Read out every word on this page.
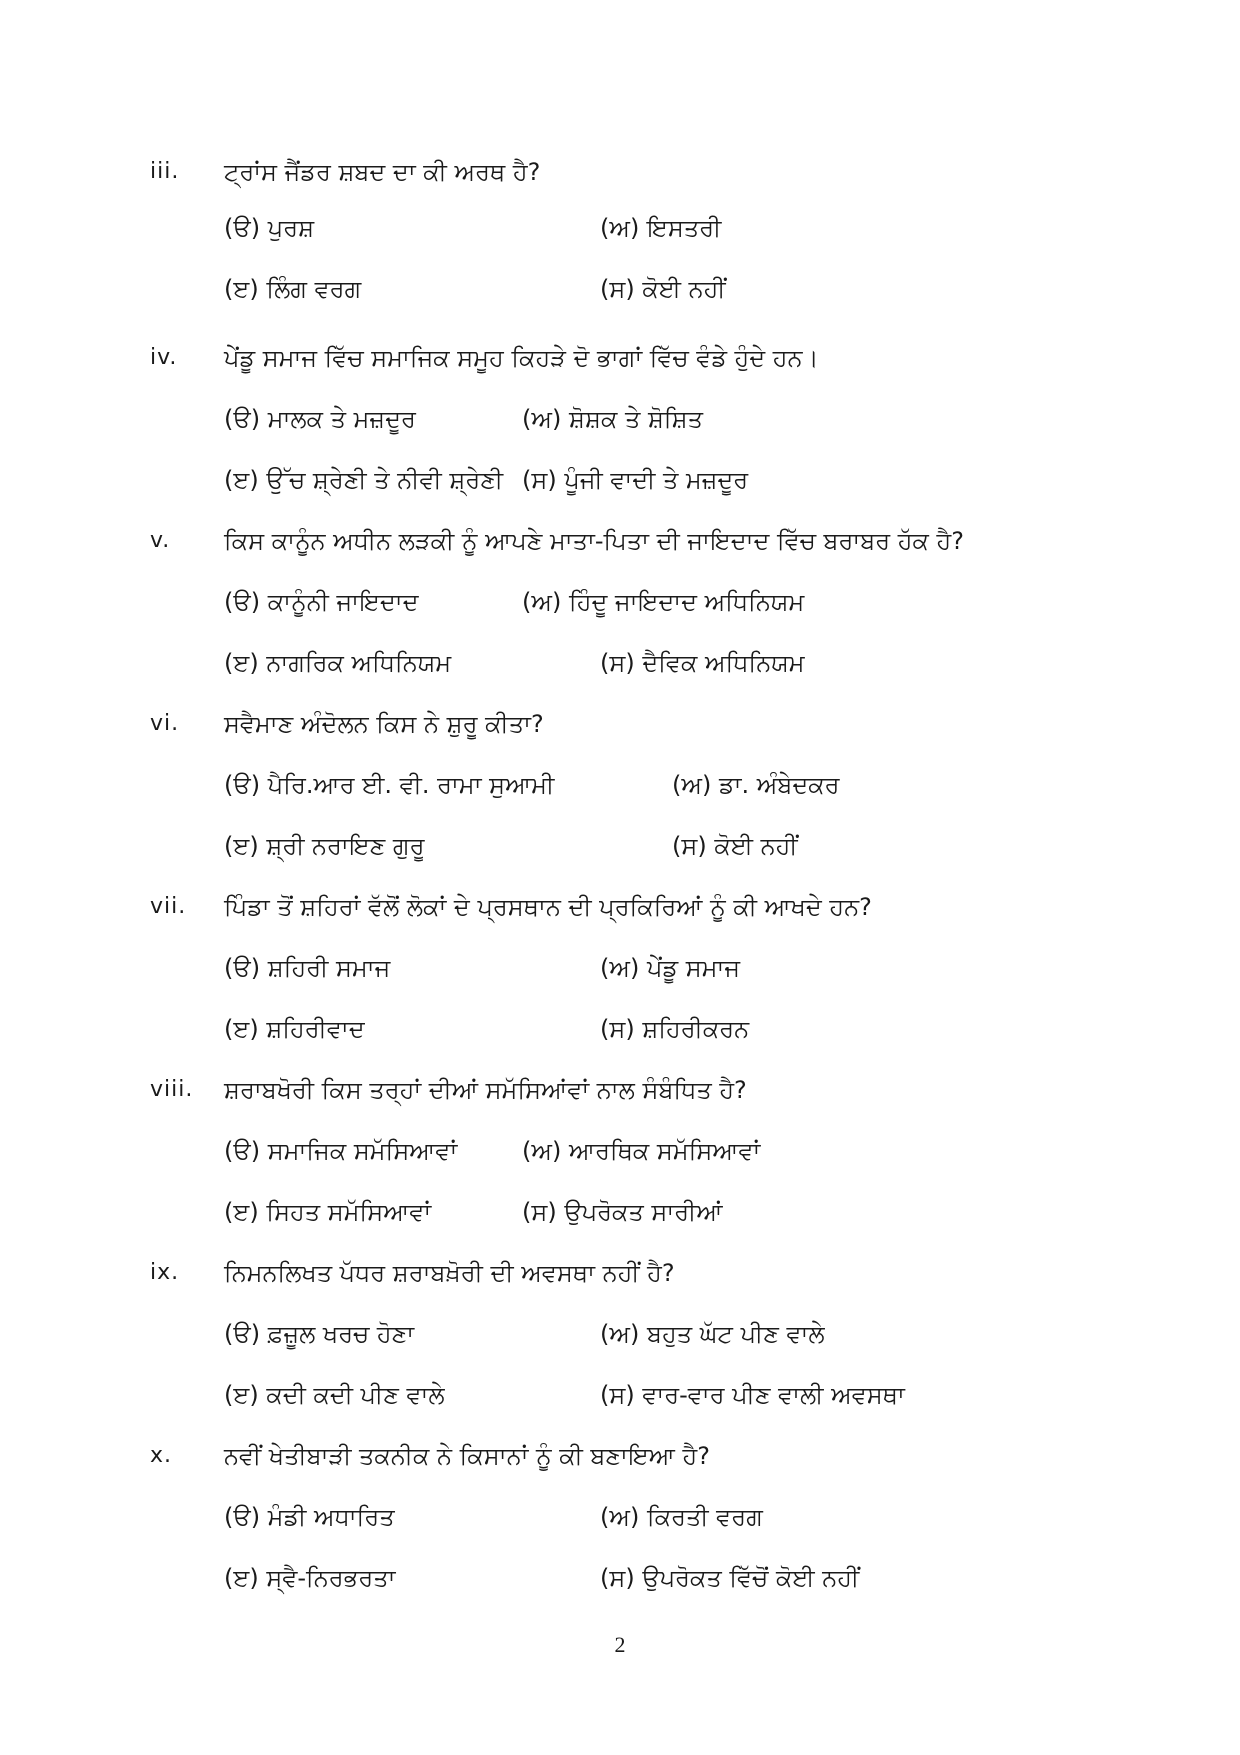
iii. ਟ੍ਰਾਂਸ ਜੈਂਡਰ ਸ਼ਬਦ ਦਾ ਕੀ ਅਰਥ ਹੈ?
(ੳ) ਪੁਰਸ਼	(ਅ) ਇਸਤਰੀ
(ੲ) ਲਿੰਗ ਵਰਗ	(ਸ) ਕੋਈ ਨਹੀਂ
iv. ਪੇਂਡੂ ਸਮਾਜ ਵਿੱਚ ਸਮਾਜਿਕ ਸਮੂਹ ਕਿਹੜੇ ਦੋ ਭਾਗਾਂ ਵਿੱਚ ਵੰਡੇ ਹੁੰਦੇ ਹਨ।
(ੳ) ਮਾਲਕ ਤੇ ਮਜ਼ਦੂਰ	(ਅ) ਸ਼ੋਸ਼ਕ ਤੇ ਸ਼ੋਸ਼ਿਤ
(ੲ) ਉੱਚ ਸ਼੍ਰੇਣੀ ਤੇ ਨੀਵੀ ਸ਼੍ਰੇਣੀ (ਸ) ਪੂੰਜੀ ਵਾਦੀ ਤੇ ਮਜ਼ਦੂਰ
v. ਕਿਸ ਕਾਨੂੰਨ ਅਧੀਨ ਲੜਕੀ ਨੂੰ ਆਪਣੇ ਮਾਤਾ-ਪਿਤਾ ਦੀ ਜਾਇਦਾਦ ਵਿੱਚ ਬਰਾਬਰ ਹੱਕ ਹੈ?
(ੳ) ਕਾਨੂੰਨੀ ਜਾਇਦਾਦ	(ਅ) ਹਿੰਦੂ ਜਾਇਦਾਦ ਅਧਿਨਿਯਮ
(ੲ) ਨਾਗਰਿਕ ਅਧਿਨਿਯਮ	(ਸ) ਦੈਵਿਕ ਅਧਿਨਿਯਮ
vi. ਸਵੈਮਾਣ ਅੰਦੋਲਨ ਕਿਸ ਨੇ ਸ਼ੁਰੂ ਕੀਤਾ?
(ੳ) ਪੈਰਿ.ਆਰ ਈ. ਵੀ. ਰਾਮਾ ਸੁਆਮੀ	(ਅ) ਡਾ. ਅੰਬੇਦਕਰ
(ੲ) ਸ਼੍ਰੀ ਨਰਾਇਣ ਗੁਰੂ	(ਸ) ਕੋਈ ਨਹੀਂ
vii. ਪਿੰਡਾ ਤੋਂ ਸ਼ਹਿਰਾਂ ਵੱਲੋਂ ਲੋਕਾਂ ਦੇ ਪ੍ਰਸਥਾਨ ਦੀ ਪ੍ਰਕਿਰਿਆਂ ਨੂੰ ਕੀ ਆਖਦੇ ਹਨ?
(ੳ) ਸ਼ਹਿਰੀ ਸਮਾਜ	(ਅ) ਪੇਂਡੂ ਸਮਾਜ
(ੲ) ਸ਼ਹਿਰੀਵਾਦ	(ਸ) ਸ਼ਹਿਰੀਕਰਨ
viii. ਸ਼ਰਾਬਖੋਰੀ ਕਿਸ ਤਰ੍ਹਾਂ ਦੀਆਂ ਸਮੱਸਿਆਂਵਾਂ ਨਾਲ ਸੰਬੰਧਿਤ ਹੈ?
(ੳ) ਸਮਾਜਿਕ ਸਮੱਸਿਆਵਾਂ	(ਅ) ਆਰਥਿਕ ਸਮੱਸਿਆਵਾਂ
(ੲ) ਸਿਹਤ ਸਮੱਸਿਆਵਾਂ	(ਸ) ਉਪਰੋਕਤ ਸਾਰੀਆਂ
ix. ਨਿਮਨਲਿਖਤ ਪੱਧਰ ਸ਼ਰਾਬਖ਼ੋਰੀ ਦੀ ਅਵਸਥਾ ਨਹੀਂ ਹੈ?
(ੳ) ਫ਼ਜ਼ੂਲ ਖਰਚ ਹੋਣਾ	(ਅ) ਬਹੁਤ ਘੱਟ ਪੀਣ ਵਾਲੇ
(ੲ) ਕਦੀ ਕਦੀ ਪੀਣ ਵਾਲੇ	(ਸ) ਵਾਰ-ਵਾਰ ਪੀਣ ਵਾਲੀ ਅਵਸਥਾ
x. ਨਵੀਂ ਖੇਤੀਬਾੜੀ ਤਕਨੀਕ ਨੇ ਕਿਸਾਨਾਂ ਨੂੰ ਕੀ ਬਣਾਇਆ ਹੈ?
(ੳ) ਮੰਡੀ ਅਧਾਰਿਤ	(ਅ) ਕਿਰਤੀ ਵਰਗ
(ੲ) ਸ੍ਵੈ-ਨਿਰਭਰਤਾ	(ਸ) ਉਪਰੋਕਤ ਵਿੱਚੋਂ ਕੋਈ ਨਹੀਂ
2
